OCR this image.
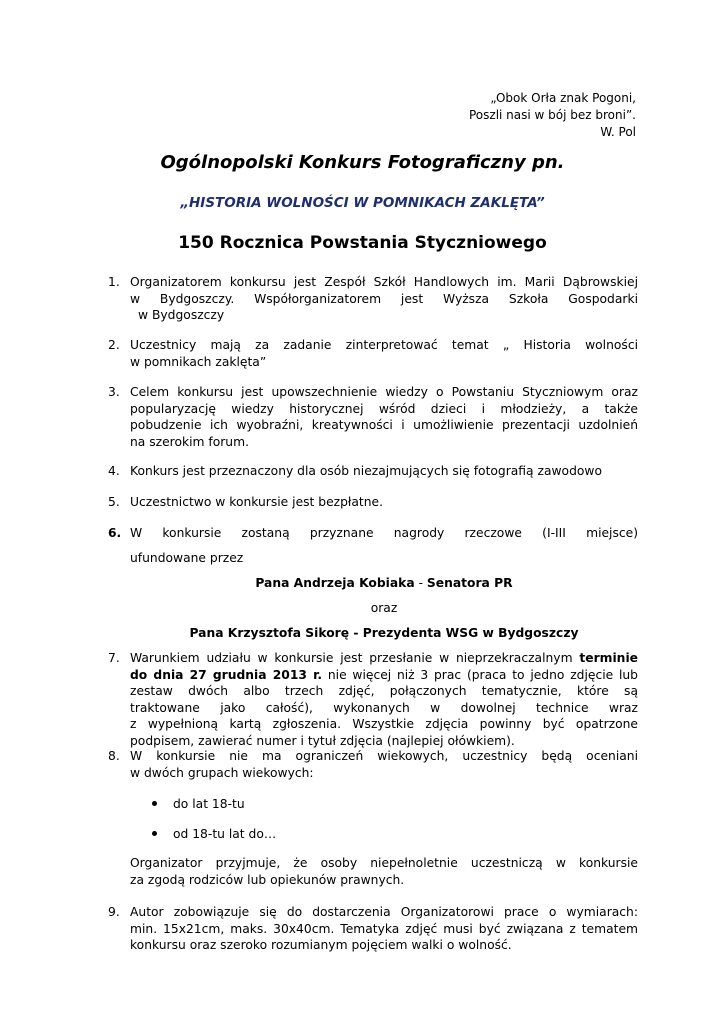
„Obok Orła znak Pogoni,
Poszli nasi w bój bez broni”.
W. Pol
Ogólnopolski Konkurs Fotograficzny pn.
„HISTORIA WOLNOŚCI W POMNIKACH ZAKLĘTA”
150 Rocznica Powstania Styczniowego
1. Organizatorem konkursu jest Zespół Szkół Handlowych im. Marii Dąbrowskiej
w Bydgoszczy. Współorganizatorem jest Wyższa Szkoła Gospodarki
w Bydgoszczy
2. Uczestnicy mają za zadanie zinterpretować temat „ Historia wolności
w pomnikach zaklęta”
3. Celem konkursu jest upowszechnienie wiedzy o Powstaniu Styczniowym oraz
popularyzację wiedzy historycznej wśród dzieci i młodzieży, a także
pobudzenie ich wyobraźni, kreatywności i umożliwienie prezentacji uzdolnień
na szerokim forum.
4. Konkurs jest przeznaczony dla osób niezajmujących się fotografią zawodowo
5. Uczestnictwo w konkursie jest bezpłatne.
6. W konkursie zostaną przyznane nagrody rzeczowe (I-III miejsce)
ufundowane przez
Pana Andrzeja Kobiaka - Senatora PR
oraz
Pana Krzysztofa Sikorę - Prezydenta WSG w Bydgoszczy
7. Warunkiem udziału w konkursie jest przesłanie w nieprzekraczalnym terminie
do dnia 27 grudnia 2013 r. nie więcej niż 3 prac (praca to jedno zdjęcie lub
zestaw dwóch albo trzech zdjęć, połączonych tematycznie, które są
traktowane jako całość), wykonanych w dowolnej technice wraz
z wypełnioną kartą zgłoszenia. Wszystkie zdjęcia powinny być opatrzone
podpisem, zawierać numer i tytuł zdjęcia (najlepiej ołówkiem).
8. W konkursie nie ma ograniczeń wiekowych, uczestnicy będą oceniani
w dwóch grupach wiekowych:
do lat 18-tu
od 18-tu lat do…
Organizator przyjmuje, że osoby niepełnoletnie uczestniczą w konkursie
za zgodą rodziców lub opiekunów prawnych.
9. Autor zobowiązuje się do dostarczenia Organizatorowi prace o wymiarach:
min. 15x21cm, maks. 30x40cm. Tematyka zdjęć musi być związana z tematem
konkursu oraz szeroko rozumianym pojęciem walki o wolność.
